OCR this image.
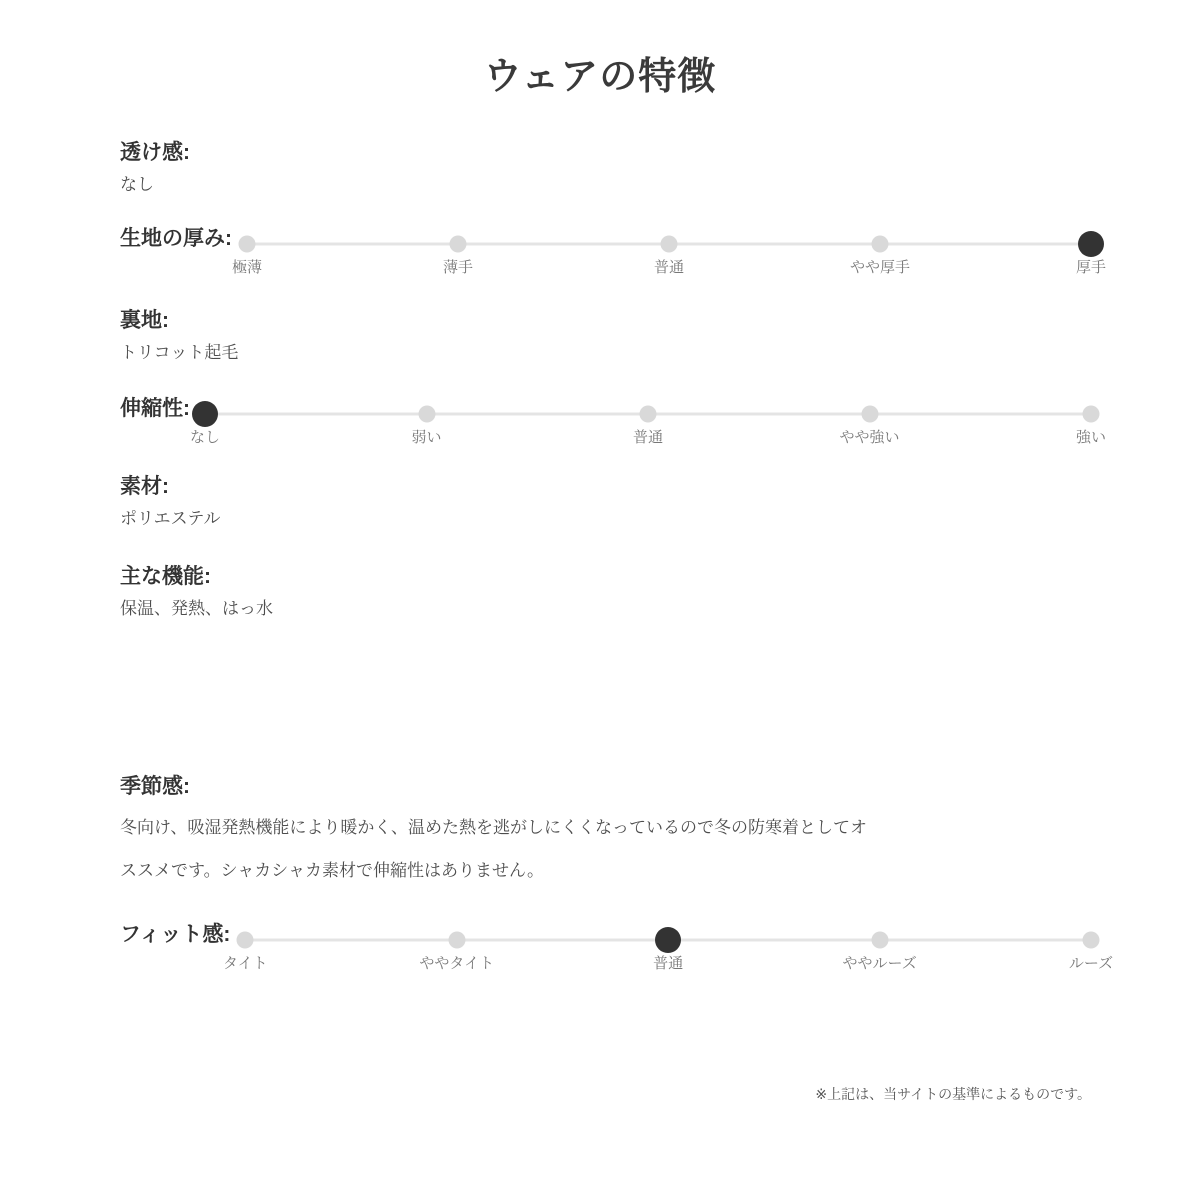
ウェアの特徴
透け感:
なし
生地の厚み:
極薄	薄手	普通	やや厚手	厚手
裏地:
トリコット起毛
伸縮性:
なし	弱い	普通	やや強い	強い
素材:
ポリエステル
主な機能:
保温、発熱、はっ水
季節感:
冬向け、吸湿発熱機能により暖かく、温めた熱を逃がしにくくなっているので冬の防寒着としてオススメです。シャカシャカ素材で伸縮性はありません。
フィット感:
タイト	ややタイト	普通	ややルーズ	ルーズ
※上記は、当サイトの基準によるものです。
